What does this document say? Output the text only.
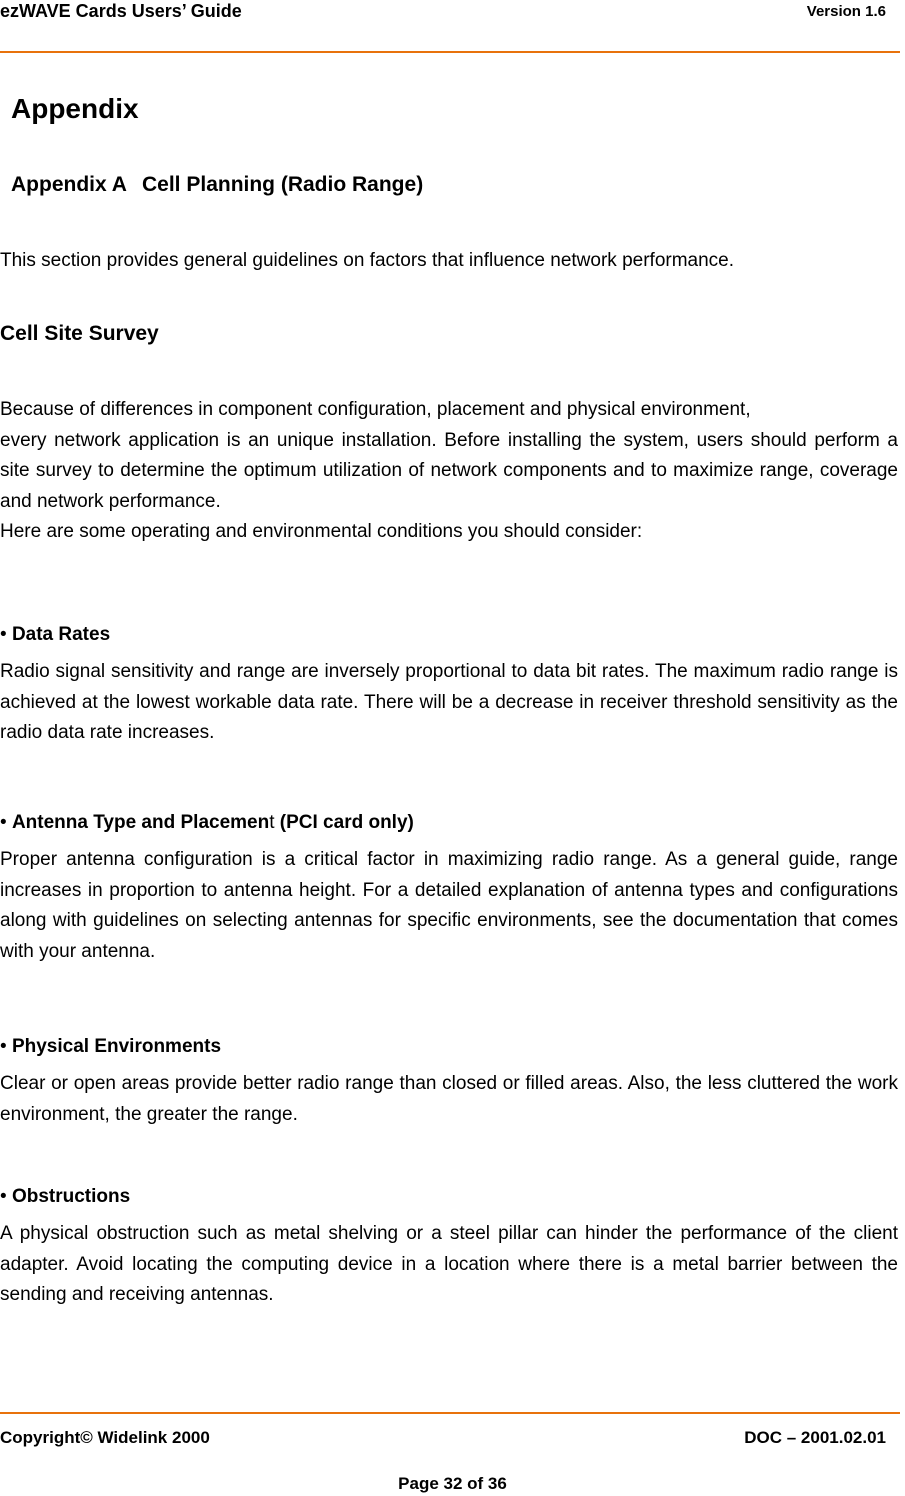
ezWAVE Cards Users’ Guide	Version 1.6
Appendix
Appendix A Cell Planning (Radio Range)

This section provides general guidelines on factors that influence network performance.

Cell Site Survey
Because of differences in component configuration, placement and physical environment,
every network application is an unique installation. Before installing the system, users should perform a site survey to determine the optimum utilization of network components and to maximize range, coverage and network performance.
Here are some operating and environmental conditions you should consider:
• Data Rates

Radio signal sensitivity and range are inversely proportional to data bit rates. The maximum radio range is achieved at the lowest workable data rate. There will be a decrease in receiver threshold sensitivity as the radio data rate increases.

• Antenna Type and Placement (PCI card only)

Proper antenna configuration is a critical factor in maximizing radio range. As a general guide, range increases in proportion to antenna height. For a detailed explanation of antenna types and configurations along with guidelines on selecting antennas for specific environments, see the documentation that comes with your antenna.

• Physical Environments

Clear or open areas provide better radio range than closed or filled areas. Also, the less cluttered the work environment, the greater the range.

• Obstructions

A physical obstruction such as metal shelving or a steel pillar can hinder the performance of the client adapter. Avoid locating the computing device in a location where there is a metal barrier between the sending and receiving antennas.

Copyright© Widelink 2000	DOC – 2001.02.01
Page 32 of 36
